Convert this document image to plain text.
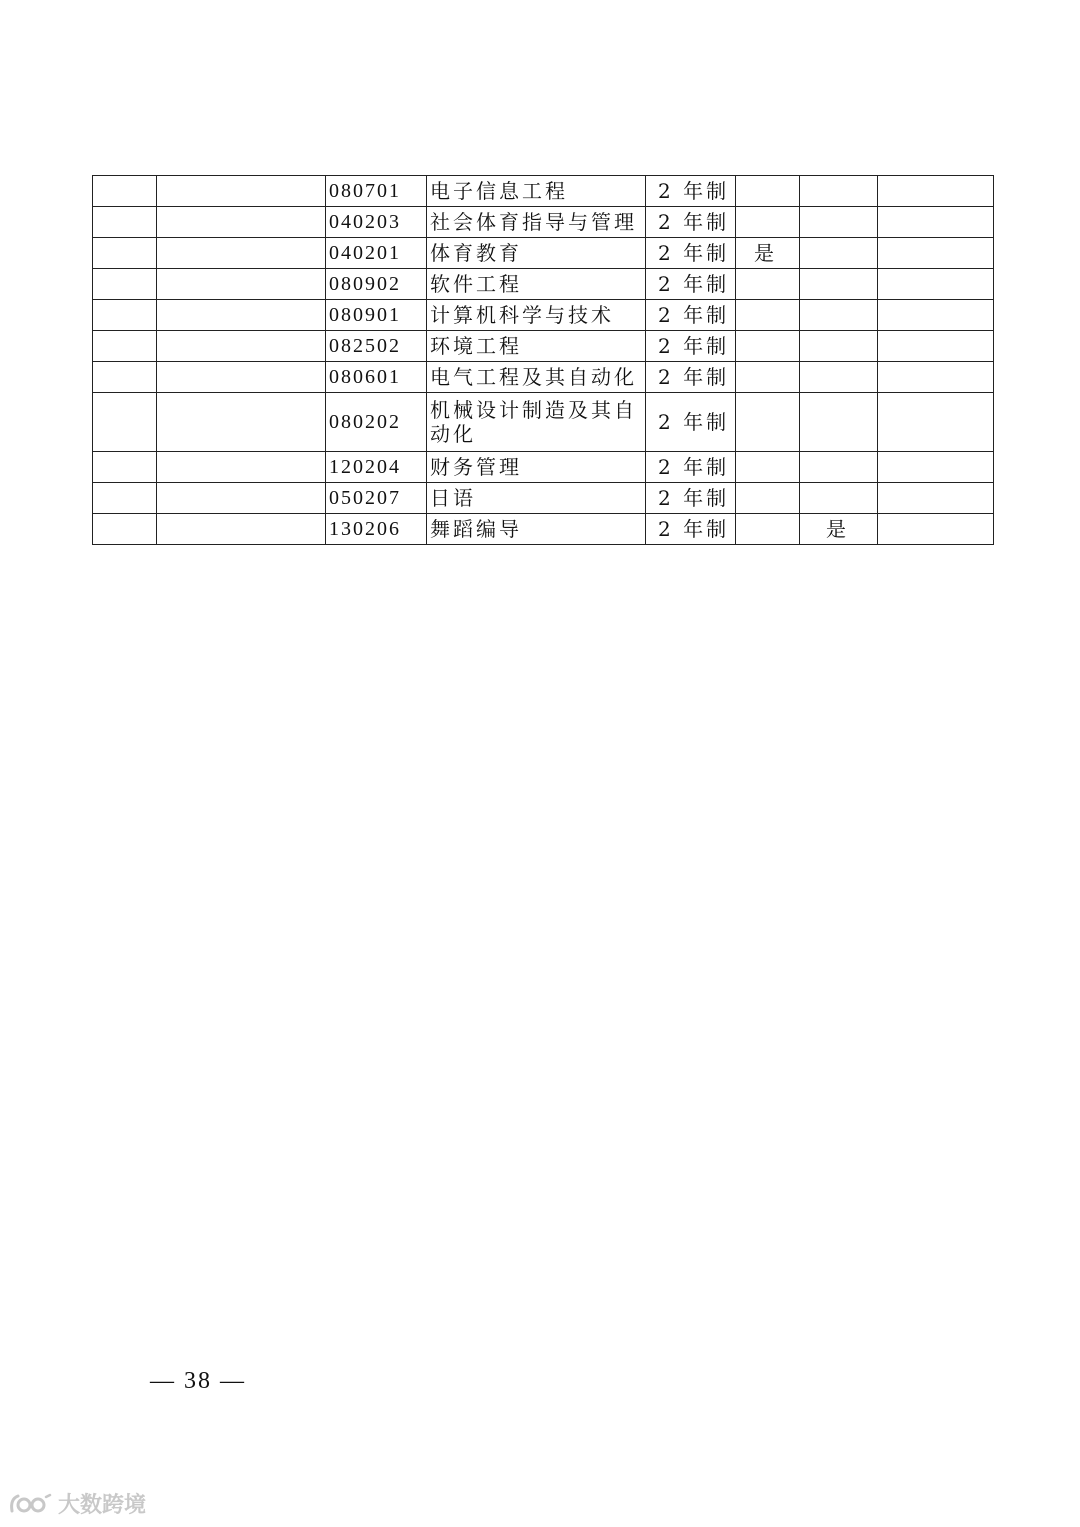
		080701	电子信息工程	2 年制			
		040203	社会体育指导与管理	2 年制			
		040201	体育教育	2 年制	是		
		080902	软件工程	2 年制			
		080901	计算机科学与技术	2 年制			
		082502	环境工程	2 年制			
		080601	电气工程及其自动化	2 年制			
		080202	机械设计制造及其自动化	2 年制			
		120204	财务管理	2 年制			
		050207	日语	2 年制			
		130206	舞蹈编导	2 年制		是	
— 38 —
大数跨境
